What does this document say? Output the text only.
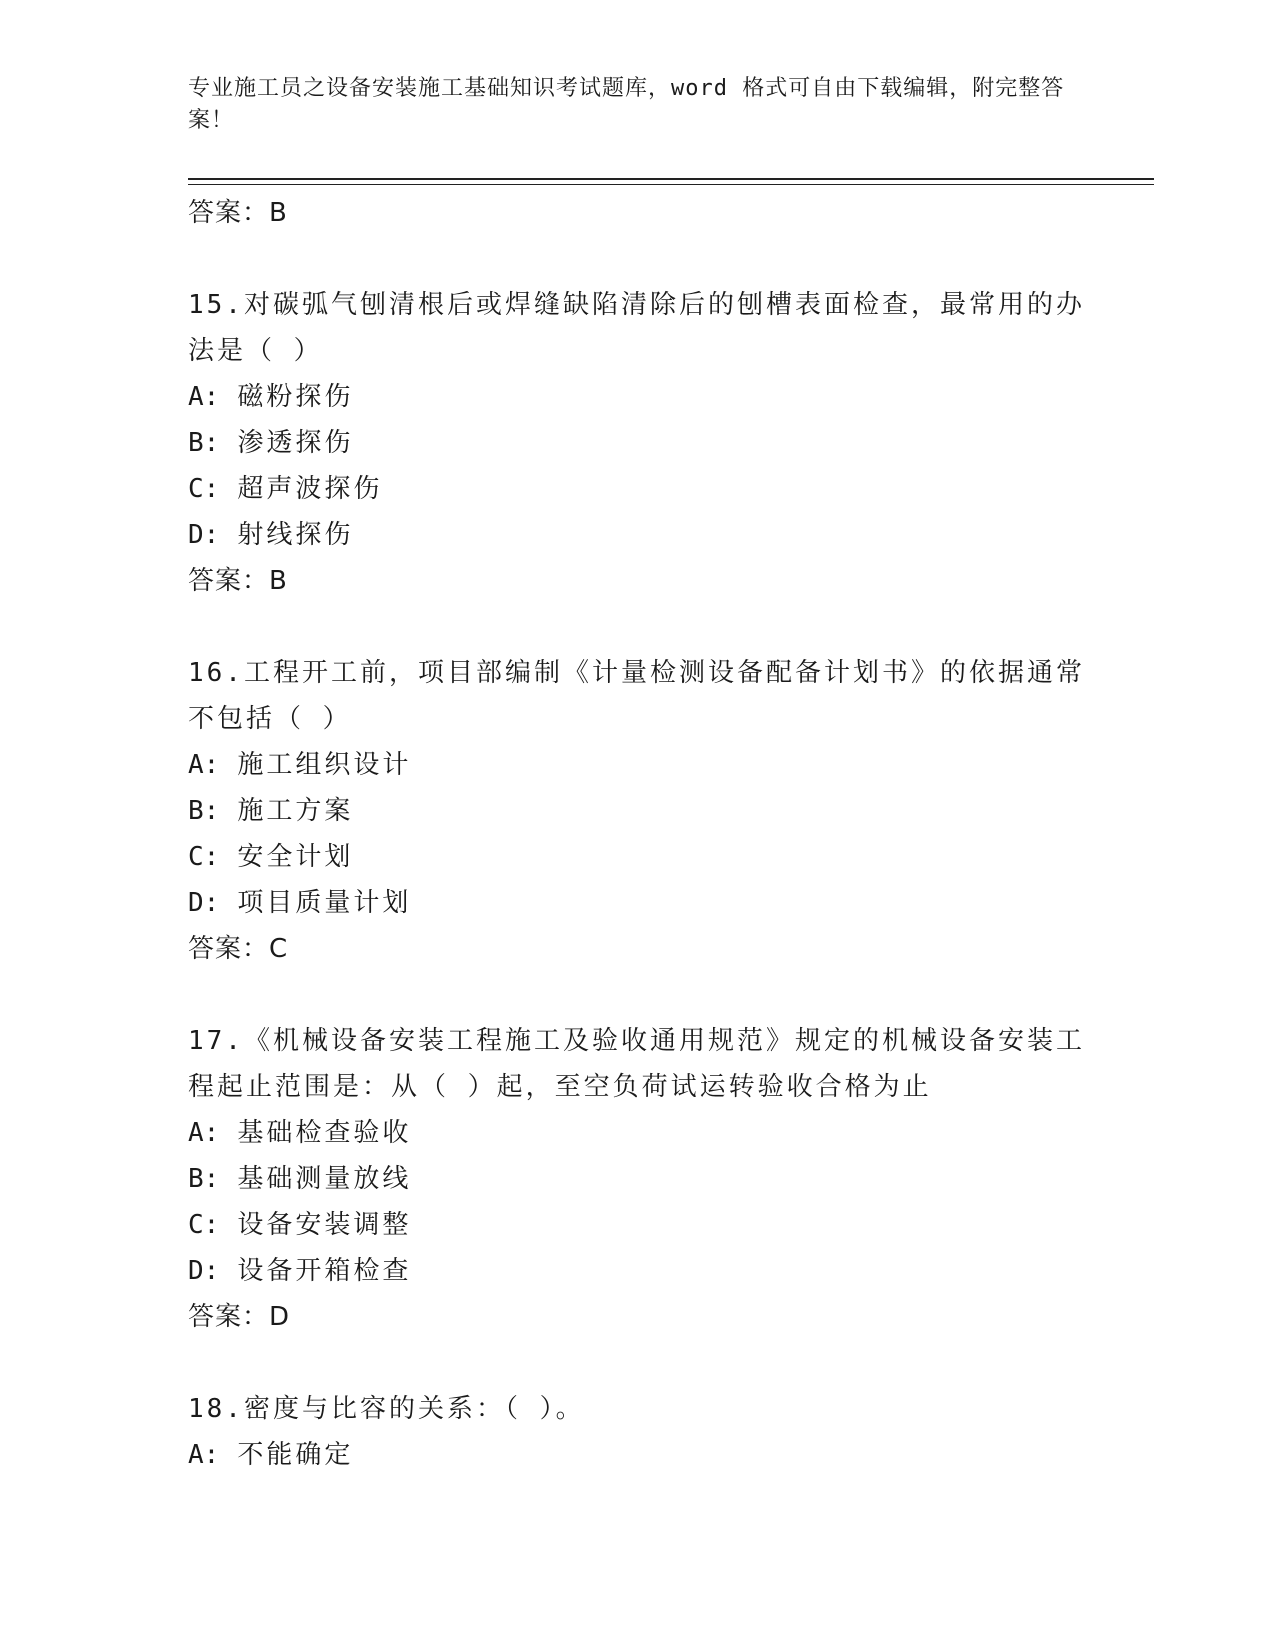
专业施工员之设备安装施工基础知识考试题库，word 格式可自由下载编辑，附完整答案！
答案：B
15.对碳弧气刨清根后或焊缝缺陷清除后的刨槽表面检查，最常用的办法是（ ）
A: 磁粉探伤
B: 渗透探伤
C: 超声波探伤
D: 射线探伤
答案：B
16.工程开工前，项目部编制《计量检测设备配备计划书》的依据通常不包括（ ）
A: 施工组织设计
B: 施工方案
C: 安全计划
D: 项目质量计划
答案：C
17.《机械设备安装工程施工及验收通用规范》规定的机械设备安装工程起止范围是：从（ ）起，至空负荷试运转验收合格为止
A: 基础检查验收
B: 基础测量放线
C: 设备安装调整
D: 设备开箱检查
答案：D
18.密度与比容的关系：（ ）。
A: 不能确定
